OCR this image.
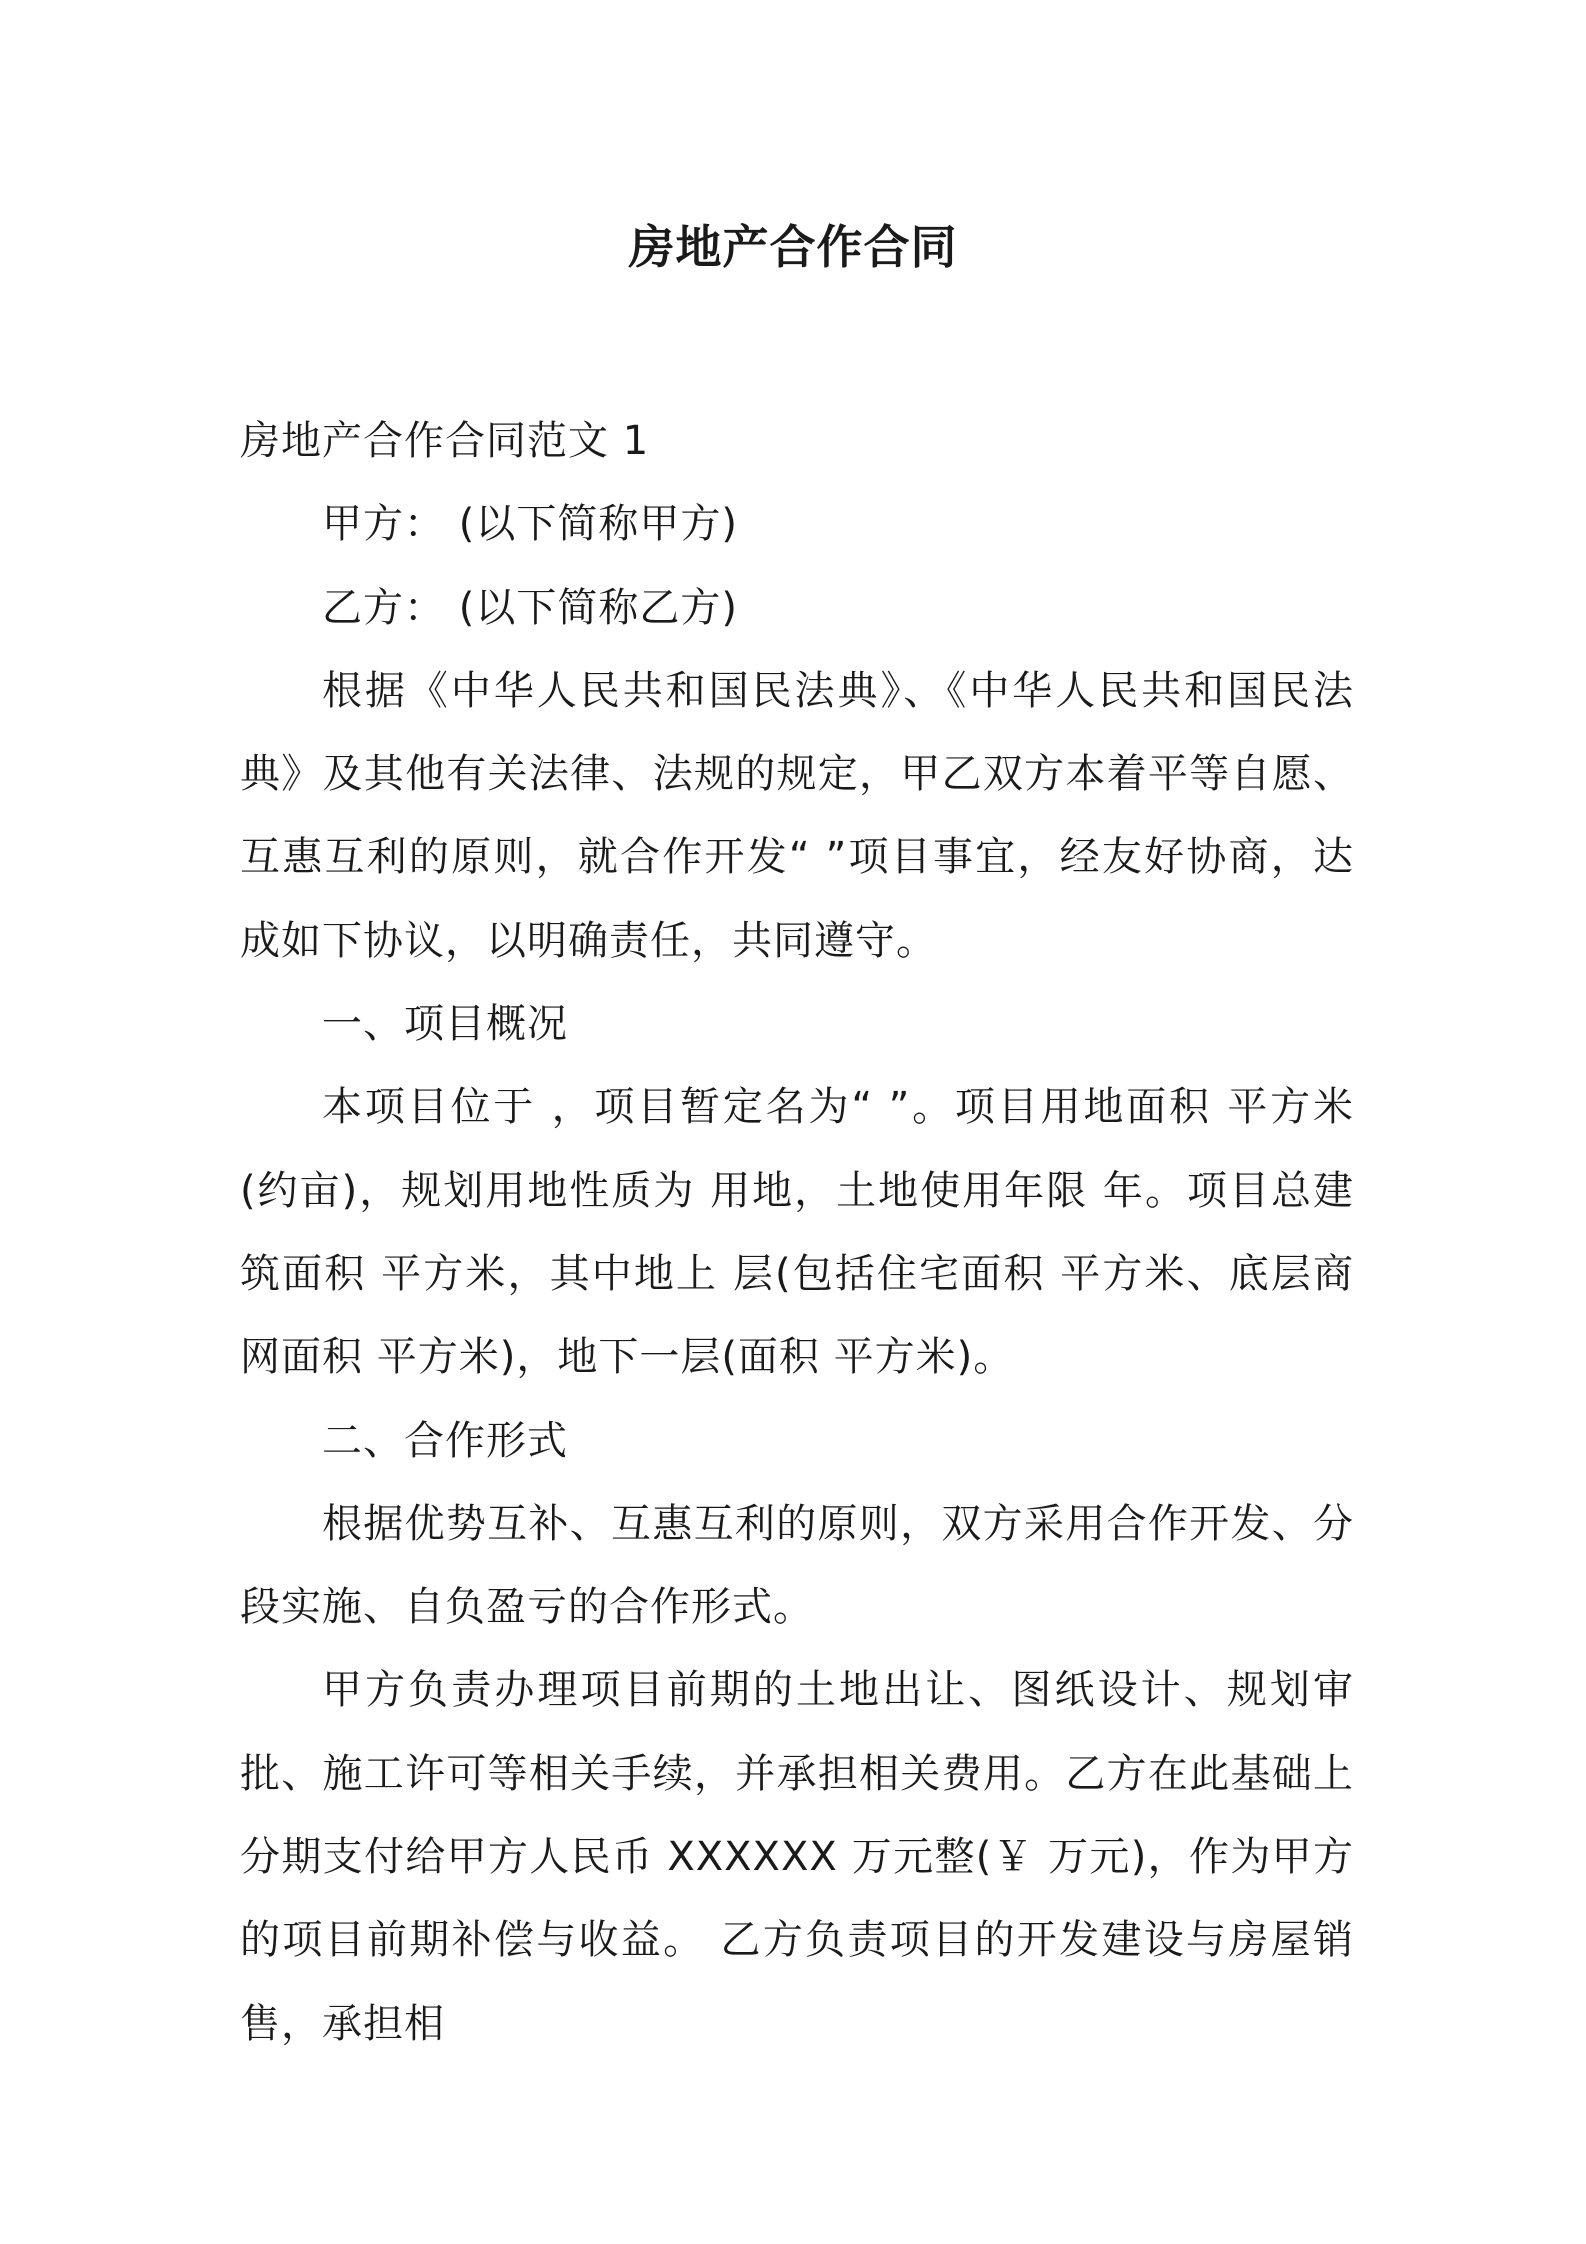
房地产合作合同

房地产合作合同范文 1

甲方： (以下简称甲方)

乙方： (以下简称乙方)

根据《中华人民共和国民法典》、《中华人民共和国民法典》及其他有关法律、法规的规定，甲乙双方本着平等自愿、互惠互利的原则，就合作开发“ ”项目事宜，经友好协商，达成如下协议，以明确责任，共同遵守。

一、项目概况

本项目位于 ，项目暂定名为“ ”。项目用地面积 平方米(约亩)，规划用地性质为 用地，土地使用年限 年。项目总建筑面积 平方米，其中地上 层(包括住宅面积 平方米、底层商网面积 平方米)，地下一层(面积 平方米)。

二、合作形式

根据优势互补、互惠互利的原则，双方采用合作开发、分段实施、自负盈亏的合作形式。

甲方负责办理项目前期的土地出让、图纸设计、规划审批、施工许可等相关手续，并承担相关费用。乙方在此基础上分期支付给甲方人民币 XXXXXX 万元整(￥ 万元)，作为甲方的项目前期补偿与收益。 乙方负责项目的开发建设与房屋销售，承担相
